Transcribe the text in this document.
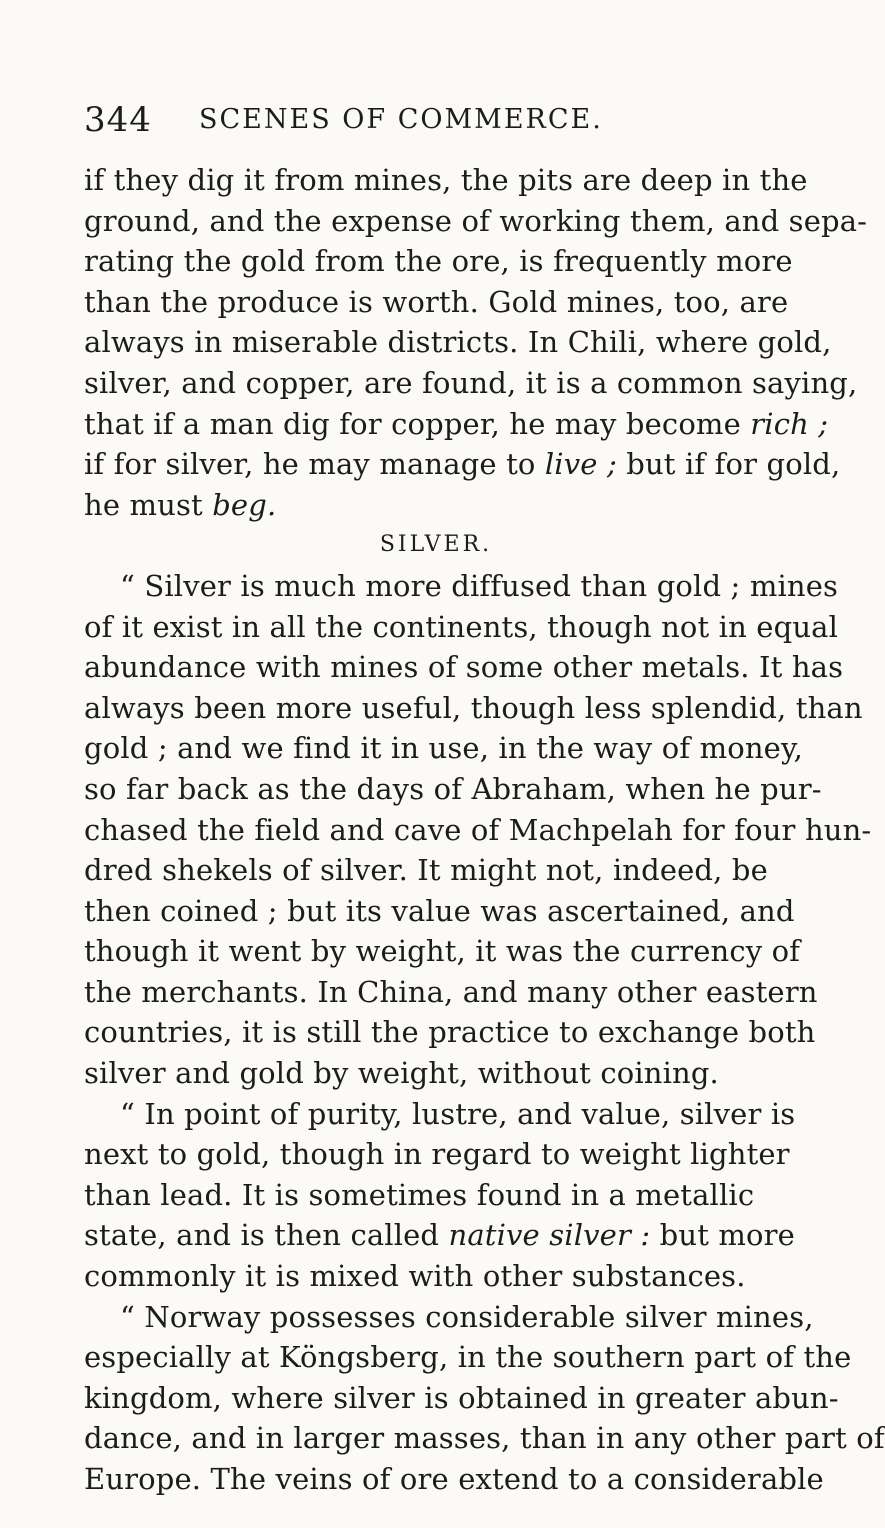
344 SCENES OF COMMERCE.
if they dig it from mines, the pits are deep in the
ground, and the expense of working them, and sepa-
rating the gold from the ore, is frequently more
than the produce is worth. Gold mines, too, are
always in miserable districts. In Chili, where gold,
silver, and copper, are found, it is a common saying,
that if a man dig for copper, he may become rich ;
if for silver, he may manage to live ; but if for gold,
he must beg.
SILVER.
“ Silver is much more diffused than gold ; mines
of it exist in all the continents, though not in equal
abundance with mines of some other metals. It has
always been more useful, though less splendid, than
gold ; and we find it in use, in the way of money,
so far back as the days of Abraham, when he pur-
chased the field and cave of Machpelah for four hun-
dred shekels of silver. It might not, indeed, be
then coined ; but its value was ascertained, and
though it went by weight, it was the currency of
the merchants. In China, and many other eastern
countries, it is still the practice to exchange both
silver and gold by weight, without coining.
“ In point of purity, lustre, and value, silver is
next to gold, though in regard to weight lighter
than lead. It is sometimes found in a metallic
state, and is then called native silver : but more
commonly it is mixed with other substances.
“ Norway possesses considerable silver mines,
especially at Köngsberg, in the southern part of the
kingdom, where silver is obtained in greater abun-
dance, and in larger masses, than in any other part of
Europe. The veins of ore extend to a considerable
